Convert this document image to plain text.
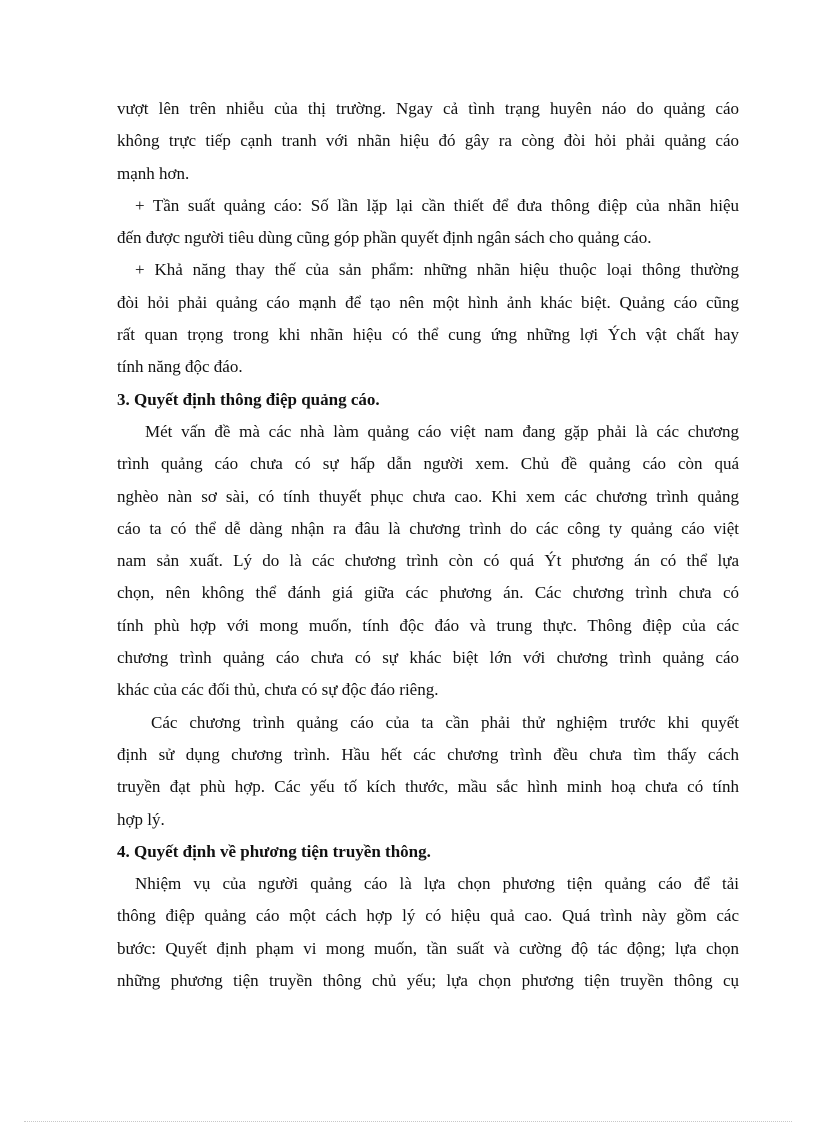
vượt lên trên nhiễu của thị trường. Ngay cả tình trạng huyên náo do quảng cáo
không trực tiếp cạnh tranh với nhãn hiệu đó gây ra còng đòi hỏi phải quảng cáo
mạnh hơn.
+ Tần suất quảng cáo: Số lần lặp lại cần thiết để đưa thông điệp của nhãn hiệu
đến được người tiêu dùng cũng góp phần quyết định ngân sách cho quảng cáo.
+ Khả năng thay thế của sản phẩm: những nhãn hiệu thuộc loại thông thường
đòi hỏi phải quảng cáo mạnh để tạo nên một hình ảnh khác biệt. Quảng cáo cũng
rất quan trọng trong khi nhãn hiệu có thể cung ứng những lợi Ých vật chất hay
tính năng độc đáo.
3. Quyết định thông điệp quảng cáo.
Mét vấn đề mà các nhà làm quảng cáo việt nam đang gặp phải là các chương
trình quảng cáo chưa có sự hấp dẫn người xem. Chủ đề quảng cáo còn quá
nghèo nàn sơ sài, có tính thuyết phục chưa cao. Khi xem các chương trình quảng
cáo ta có thể dễ dàng nhận ra đâu là chương trình do các công ty quảng cáo việt
nam sản xuất. Lý do là các chương trình còn có quá Ýt phương án có thể lựa
chọn, nên không thể đánh giá giữa các phương án. Các chương trình chưa có
tính phù hợp với mong muốn, tính độc đáo và trung thực. Thông điệp của các
chương trình quảng cáo chưa có sự khác biệt lớn với chương trình quảng cáo
khác của các đối thủ, chưa có sự độc đáo riêng.
Các chương trình quảng cáo của ta cần phải thử nghiệm trước khi quyết
định sử dụng chương trình. Hầu hết các chương trình đều chưa tìm thấy cách
truyền đạt phù hợp. Các yếu tố kích thước, mầu sắc hình minh hoạ chưa có tính
hợp lý.
4. Quyết định về phương tiện truyền thông.
Nhiệm vụ của người quảng cáo là lựa chọn phương tiện quảng cáo để tải
thông điệp quảng cáo một cách hợp lý có hiệu quả cao. Quá trình này gồm các
bước: Quyết định phạm vi mong muốn, tần suất và cường độ tác động; lựa chọn
những phương tiện truyền thông chủ yếu; lựa chọn phương tiện truyền thông cụ
